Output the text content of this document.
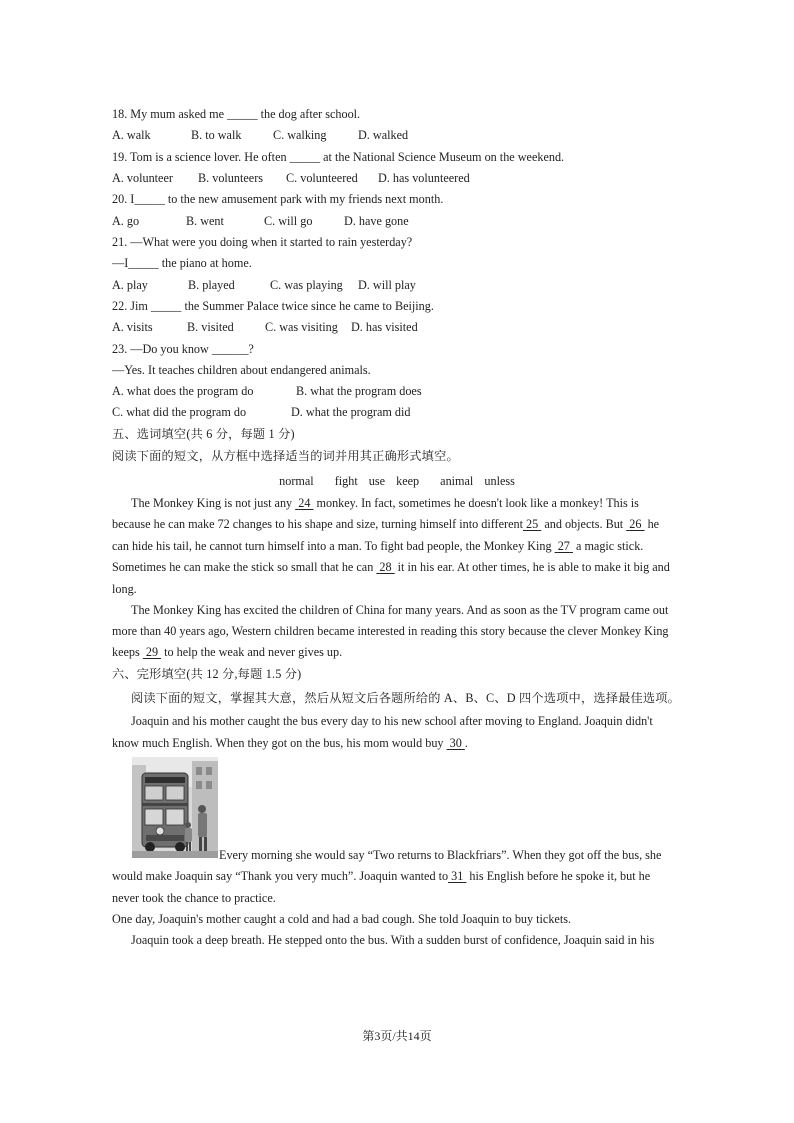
18. My mum asked me _____ the dog after school.
A. walk	B. to walk	C. walking	D. walked
19. Tom is a science lover. He often _____ at the National Science Museum on the weekend.
A. volunteer B. volunteers C. volunteered D. has volunteered
20. I_____ to the new amusement park with my friends next month.
A. go	B. went	C. will go	D. have gone
21. —What were you doing when it started to rain yesterday?
—I_____ the piano at home.
A. play	B. played	C. was playing D. will play
22. Jim _____ the Summer Palace twice since he came to Beijing.
A. visits	B. visited	C. was visiting D. has visited
23. —Do you know ______?
—Yes. It teaches children about endangered animals.
A. what does the program do	B. what the program does
C. what did the program do	D. what the program did
五、选词填空(共 6 分，每题 1 分)
阅读下面的短文，从方框中选择适当的词并用其正确形式填空。
normal fight use keep animal unless
The Monkey King is not just any  24  monkey. In fact, sometimes he doesn't look like a monkey! This is
because he can make 72 changes to his shape and size, turning himself into different 25  and objects. But  26  he
can hide his tail, he cannot turn himself into a man. To fight bad people, the Monkey King  27  a magic stick.
Sometimes he can make the stick so small that he can  28  it in his ear. At other times, he is able to make it big and
long.
The Monkey King has excited the children of China for many years. And as soon as the TV program came out
more than 40 years ago, Western children became interested in reading this story because the clever Monkey King
keeps  29  to help the weak and never gives up.
六、完形填空(共 12 分,每题 1.5 分)
阅读下面的短文，掌握其大意，然后从短文后各题所给的 A、B、C、D 四个选项中，选择最佳选项。
Joaquin and his mother caught the bus every day to his new school after moving to England. Joaquin didn't
know much English. When they got on the bus, his mom would buy  30 .
Every morning she would say “Two returns to Blackfriars”. When they got off the bus, she
would make Joaquin say “Thank you very much”. Joaquin wanted to 31  his English before he spoke it, but he
never took the chance to practice.
One day, Joaquin's mother caught a cold and had a bad cough. She told Joaquin to buy tickets.
Joaquin took a deep breath. He stepped onto the bus. With a sudden burst of confidence, Joaquin said in his
第3页/共14页
